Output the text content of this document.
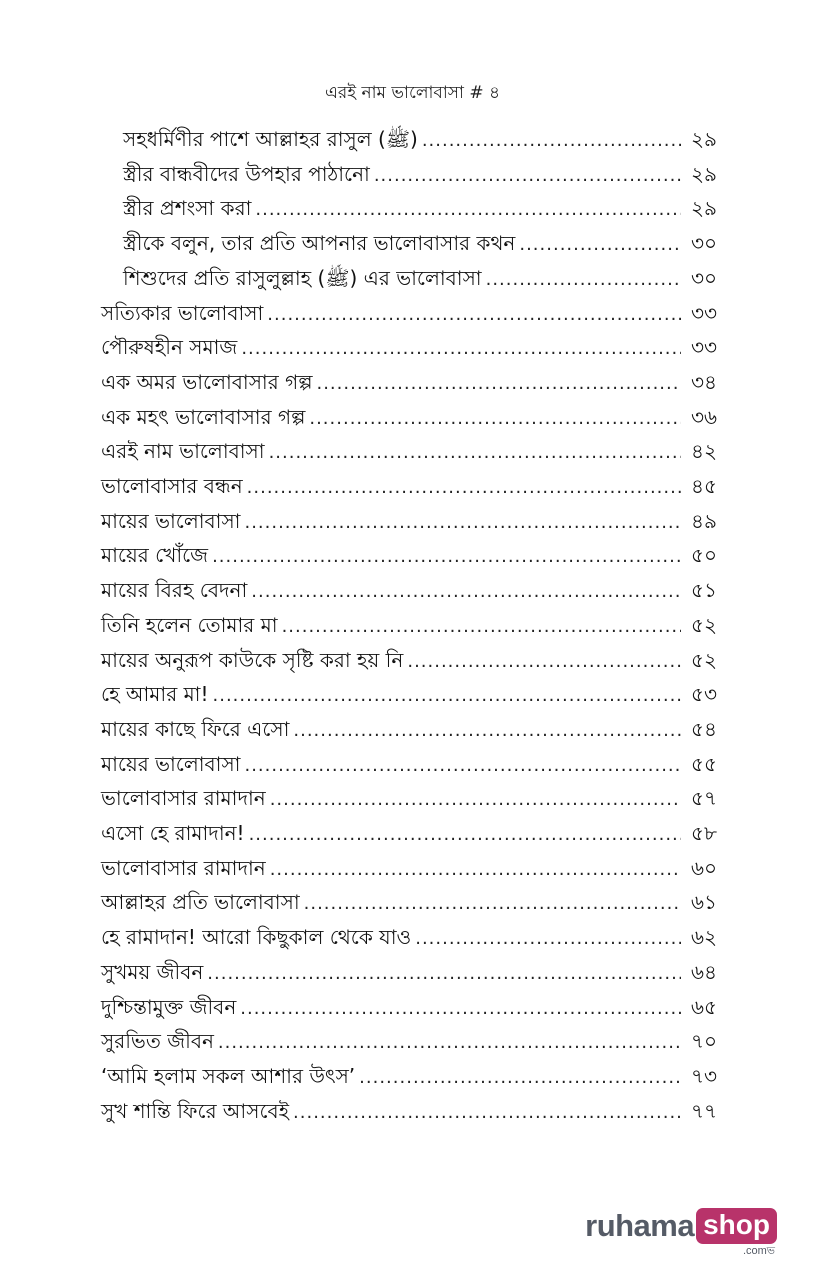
এরই নাম ভালোবাসা # ৪
সহধর্মিণীর পাশে আল্লাহর রাসুল (ﷺ) .....	২৯
স্ত্রীর বান্ধবীদের উপহার পাঠানো .....	২৯
স্ত্রীর প্রশংসা করা .....	২৯
স্ত্রীকে বলুন, তার প্রতি আপনার ভালোবাসার কথন .....	৩০
শিশুদের প্রতি রাসুলুল্লাহ (ﷺ) এর ভালোবাসা .....	৩০
সত্যিকার ভালোবাসা .....	৩৩
পৌরুষহীন সমাজ .....	৩৩
এক অমর ভালোবাসার গল্প .....	৩৪
এক মহৎ ভালোবাসার গল্প .....	৩৬
এরই নাম ভালোবাসা .....	৪২
ভালোবাসার বন্ধন .....	৪৫
মায়ের ভালোবাসা .....	৪৯
মায়ের খোঁজে .....	৫০
মায়ের বিরহ বেদনা .....	৫১
তিনি হলেন তোমার মা .....	৫২
মায়ের অনুরূপ কাউকে সৃষ্টি করা হয় নি .....	৫২
হে আমার মা! .....	৫৩
মায়ের কাছে ফিরে এসো .....	৫৪
মায়ের ভালোবাসা .....	৫৫
ভালোবাসার রামাদান .....	৫৭
এসো হে রামাদান! .....	৫৮
ভালোবাসার রামাদান .....	৬০
আল্লাহর প্রতি ভালোবাসা .....	৬১
হে রামাদান! আরো কিছুকাল থেকে যাও .....	৬২
সুখময় জীবন .....	৬৪
দুশ্চিন্তামুক্ত জীবন .....	৬৫
সুরভিত জীবন .....	৭০
‘আমি হলাম সকল আশার উৎস’ .....	৭৩
সুখ শান্তি ফিরে আসবেই .....	৭৭
ruhama shop
.comভ
